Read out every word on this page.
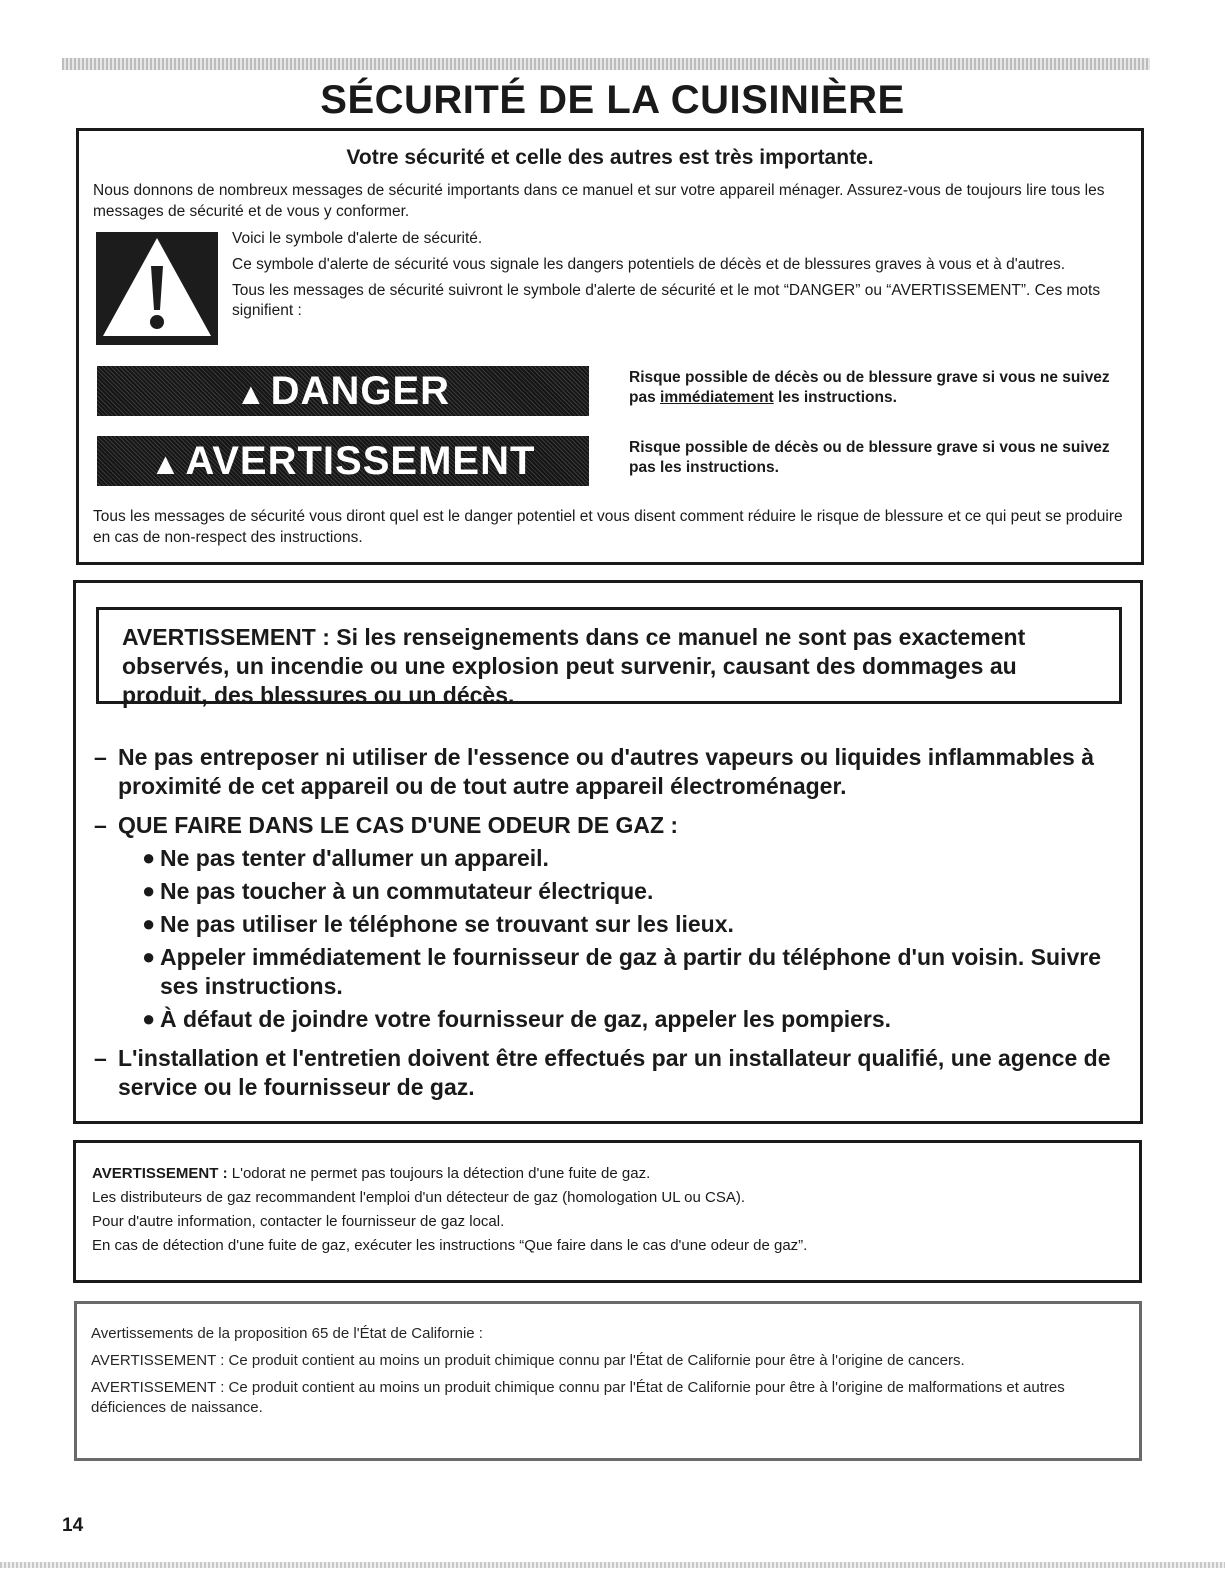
SÉCURITÉ DE LA CUISINIÈRE
Votre sécurité et celle des autres est très importante.
Nous donnons de nombreux messages de sécurité importants dans ce manuel et sur votre appareil ménager. Assurez-vous de toujours lire tous les messages de sécurité et de vous y conformer.

Voici le symbole d'alerte de sécurité.

Ce symbole d'alerte de sécurité vous signale les dangers potentiels de décès et de blessures graves à vous et à d'autres.

Tous les messages de sécurité suivront le symbole d'alerte de sécurité et le mot “DANGER” ou “AVERTISSEMENT”. Ces mots signifient :

▲ DANGER	Risque possible de décès ou de blessure grave si vous ne suivez pas immédiatement les instructions.
▲ AVERTISSEMENT	Risque possible de décès ou de blessure grave si vous ne suivez pas les instructions.
Tous les messages de sécurité vous diront quel est le danger potentiel et vous disent comment réduire le risque de blessure et ce qui peut se produire en cas de non-respect des instructions.
AVERTISSEMENT : Si les renseignements dans ce manuel ne sont pas exactement observés, un incendie ou une explosion peut survenir, causant des dommages au produit, des blessures ou un décès.
– Ne pas entreposer ni utiliser de l'essence ou d'autres vapeurs ou liquides inflammables à proximité de cet appareil ou de tout autre appareil électroménager.
– QUE FAIRE DANS LE CAS D'UNE ODEUR DE GAZ :
● Ne pas tenter d'allumer un appareil.
● Ne pas toucher à un commutateur électrique.
● Ne pas utiliser le téléphone se trouvant sur les lieux.
● Appeler immédiatement le fournisseur de gaz à partir du téléphone d'un voisin. Suivre ses instructions.
● À défaut de joindre votre fournisseur de gaz, appeler les pompiers.
– L'installation et l'entretien doivent être effectués par un installateur qualifié, une agence de service ou le fournisseur de gaz.
AVERTISSEMENT : L'odorat ne permet pas toujours la détection d'une fuite de gaz.
Les distributeurs de gaz recommandent l'emploi d'un détecteur de gaz (homologation UL ou CSA).
Pour d'autre information, contacter le fournisseur de gaz local.
En cas de détection d'une fuite de gaz, exécuter les instructions “Que faire dans le cas d'une odeur de gaz”.

Avertissements de la proposition 65 de l'État de Californie :

AVERTISSEMENT : Ce produit contient au moins un produit chimique connu par l'État de Californie pour être à l'origine de cancers.

AVERTISSEMENT : Ce produit contient au moins un produit chimique connu par l'État de Californie pour être à l'origine de malformations et autres déficiences de naissance.

14
